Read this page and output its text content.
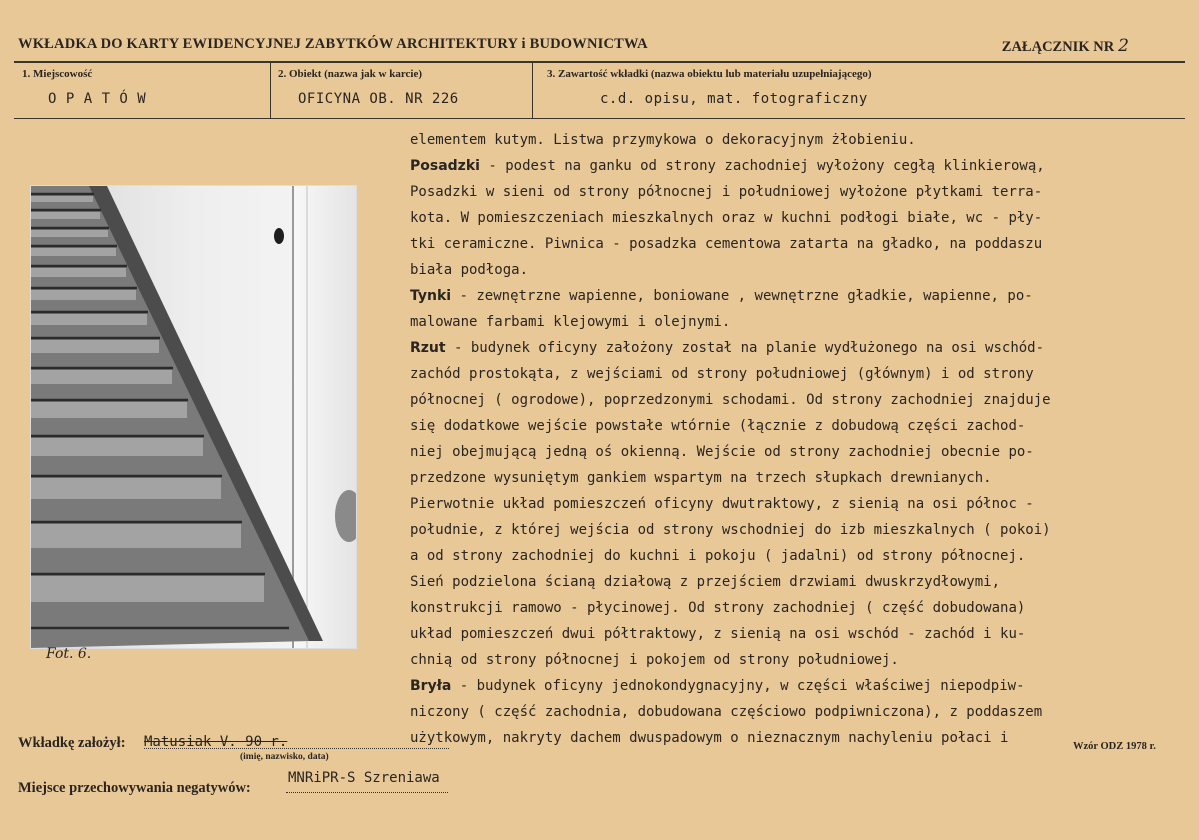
WKŁADKA DO KARTY EWIDENCYJNEJ ZABYTKÓW ARCHITEKTURY i BUDOWNICTWA	ZAŁĄCZNIK NR 2
1. Miejscowość
O P A T Ó W
2. Obiekt (nazwa jak w karcie)
OFICYNA OB. NR 226
3. Zawartość wkładki (nazwa obiektu lub materiału uzupełniającego)
c.d. opisu, mat. fotograficzny
Fot. 6.
elementem kutym. Listwa przymykowa o dekoracyjnym żłobieniu.
Posadzki - podest na ganku od strony zachodniej wyłożony cegłą klinkierową,
Posadzki w sieni od strony północnej i południowej wyłożone płytkami terra-
kota. W pomieszczeniach mieszkalnych oraz w kuchni podłogi białe, wc - pły-
tki ceramiczne. Piwnica - posadzka cementowa zatarta na gładko, na poddaszu
biała podłoga.
Tynki - zewnętrzne wapienne, boniowane , wewnętrzne gładkie, wapienne, po-
malowane farbami klejowymi i olejnymi.
Rzut - budynek oficyny założony został na planie wydłużonego na osi wschód-
zachód prostokąta, z wejściami od strony południowej (głównym) i od strony
północnej ( ogrodowe), poprzedzonymi schodami. Od strony zachodniej znajduje
się dodatkowe wejście powstałe wtórnie (łącznie z dobudową części zachod-
niej obejmującą jedną oś okienną. Wejście od strony zachodniej obecnie po-
przedzone wysuniętym gankiem wspartym na trzech słupkach drewnianych.
Pierwotnie układ pomieszczeń oficyny dwutraktowy, z sienią na osi północ -
południe, z której wejścia od strony wschodniej do izb mieszkalnych ( pokoi)
a od strony zachodniej do kuchni i pokoju ( jadalni) od strony północnej.
Sień podzielona ścianą działową z przejściem drzwiami dwuskrzydłowymi,
konstrukcji ramowo - płycinowej. Od strony zachodniej ( część dobudowana)
układ pomieszczeń dwui półtraktowy, z sienią na osi wschód - zachód i ku-
chnią od strony północnej i pokojem od strony południowej.
Bryła - budynek oficyny jednokondygnacyjny, w części właściwej niepodpiw-
niczony ( część zachodnia, dobudowana częściowo podpiwniczona), z poddaszem
użytkowym, nakryty dachem dwuspadowym o nieznacznym nachyleniu połaci i
Wkładkę założył: Matusiak V. 90 r.
(imię, nazwisko, data)
Wzór ODZ 1978 r.
Miejsce przechowywania negatywów:
MNRiPR-S Szreniawa
